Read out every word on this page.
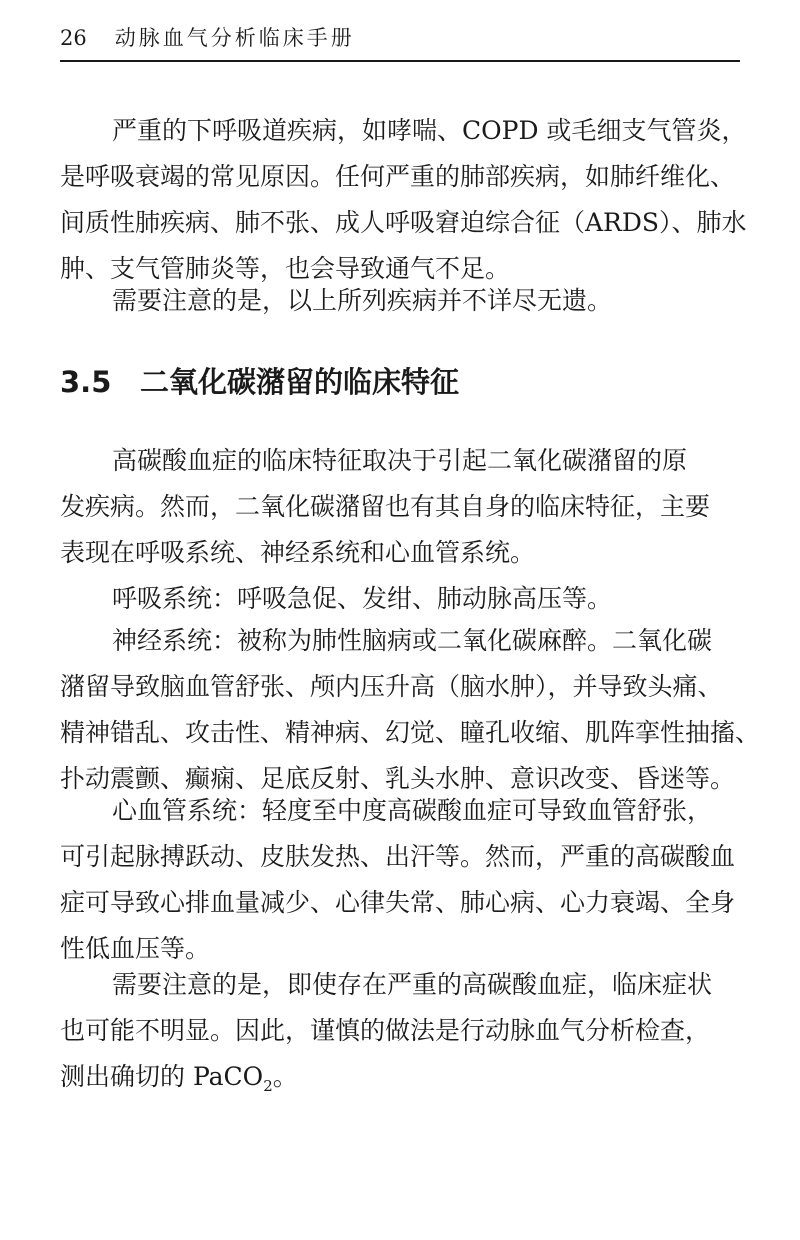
26 动脉血气分析临床手册

严重的下呼吸道疾病，如哮喘、COPD 或毛细支气管炎，
是呼吸衰竭的常见原因。任何严重的肺部疾病，如肺纤维化、
间质性肺疾病、肺不张、成人呼吸窘迫综合征（ARDS）、肺水
肿、支气管肺炎等，也会导致通气不足。

需要注意的是，以上所列疾病并不详尽无遗。

3.5 二氧化碳潴留的临床特征

高碳酸血症的临床特征取决于引起二氧化碳潴留的原
发疾病。然而，二氧化碳潴留也有其自身的临床特征，主要
表现在呼吸系统、神经系统和心血管系统。

呼吸系统：呼吸急促、发绀、肺动脉高压等。

神经系统：被称为肺性脑病或二氧化碳麻醉。二氧化碳
潴留导致脑血管舒张、颅内压升高（脑水肿），并导致头痛、
精神错乱、攻击性、精神病、幻觉、瞳孔收缩、肌阵挛性抽搐、
扑动震颤、癫痫、足底反射、乳头水肿、意识改变、昏迷等。

心血管系统：轻度至中度高碳酸血症可导致血管舒张，
可引起脉搏跃动、皮肤发热、出汗等。然而，严重的高碳酸血
症可导致心排血量减少、心律失常、肺心病、心力衰竭、全身
性低血压等。

需要注意的是，即使存在严重的高碳酸血症，临床症状
也可能不明显。因此，谨慎的做法是行动脉血气分析检查，
测出确切的 PaCO$_2$。
